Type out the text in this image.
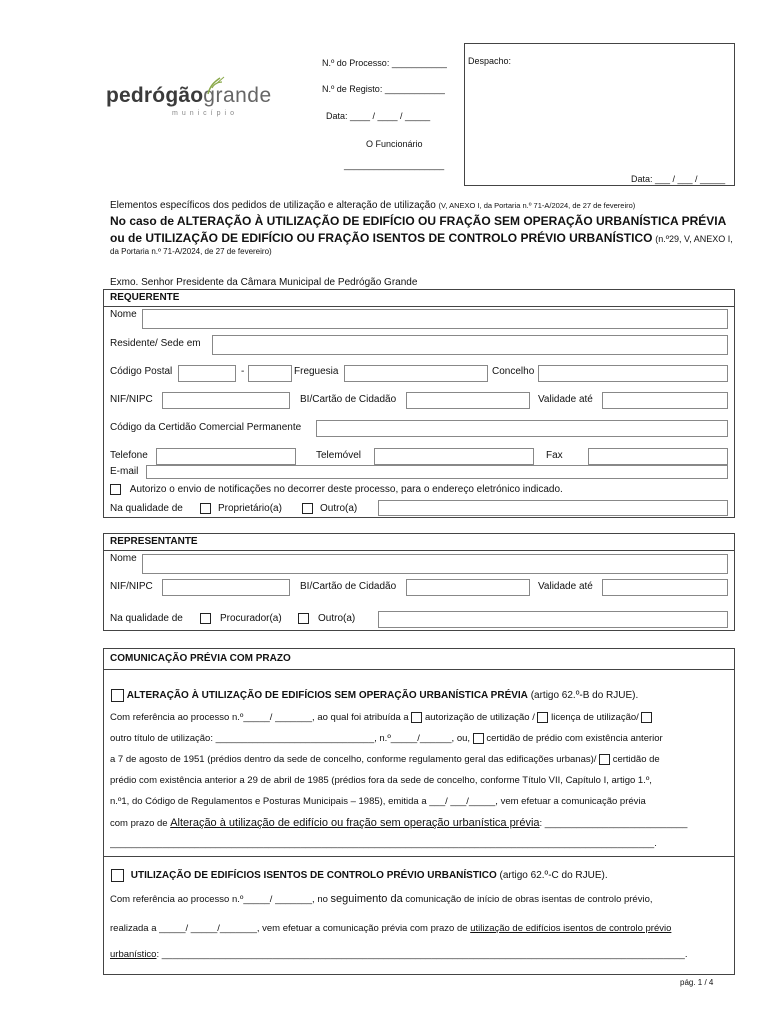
pedrógãogrande
município
N.º do Processo: ___________
N.º de Registo: ____________
Data: ____ / ____ / _____
O Funcionário
____________________
Despacho:
Data: ___ / ___ / _____
Elementos específicos dos pedidos de utilização e alteração de utilização (V, ANEXO I, da Portaria n.º 71-A/2024, de 27 de fevereiro)
No caso de ALTERAÇÃO À UTILIZAÇÃO DE EDIFÍCIO OU FRAÇÃO SEM OPERAÇÃO URBANÍSTICA PRÉVIA
ou de UTILIZAÇÃO DE EDIFÍCIO OU FRAÇÃO ISENTOS DE CONTROLO PRÉVIO URBANÍSTICO (n.º29, V, ANEXO I,
da Portaria n.º 71-A/2024, de 27 de fevereiro)
Exmo. Senhor Presidente da Câmara Municipal de Pedrógão Grande
REQUERENTE
Nome
Residente/ Sede em
Código Postal	-	Freguesia	Concelho
NIF/NIPC	BI/Cartão de Cidadão	Validade até
Código da Certidão Comercial Permanente
Telefone	Telemóvel	Fax
E-mail
Autorizo o envio de notificações no decorrer deste processo, para o endereço eletrónico indicado.
Na qualidade de	Proprietário(a)	Outro(a)
REPRESENTANTE
Nome
NIF/NIPC	BI/Cartão de Cidadão	Validade até
Na qualidade de	Procurador(a)	Outro(a)
COMUNICAÇÃO PRÉVIA COM PRAZO
ALTERAÇÃO À UTILIZAÇÃO DE EDIFÍCIOS SEM OPERAÇÃO URBANÍSTICA PRÉVIA (artigo 62.º-B do RJUE).
Com referência ao processo n.º_____/ _______, ao qual foi atribuída a autorização de utilização / licença de utilização/
outro título de utilização: ______________________________, n.º_____/______, ou, certidão de prédio com existência anterior
a 7 de agosto de 1951 (prédios dentro da sede de concelho, conforme regulamento geral das edificações urbanas)/ certidão de
prédio com existência anterior a 29 de abril de 1985 (prédios fora da sede de concelho, conforme Título VII, Capítulo I, artigo 1.º,
n.º1, do Código de Regulamentos e Posturas Municipais – 1985), emitida a ___/ ___/_____, vem efetuar a comunicação prévia
com prazo de Alteração à utilização de edifício ou fração sem operação urbanística prévia: ___________________________
_______________________________________________________________________________________________________.
UTILIZAÇÃO DE EDIFÍCIOS ISENTOS DE CONTROLO PRÉVIO URBANÍSTICO (artigo 62.º-C do RJUE).
Com referência ao processo n.º_____/ _______, no seguimento da comunicação de início de obras isentas de controlo prévio,
realizada a _____/ _____/_______, vem efetuar a comunicação prévia com prazo de utilização de edifícios isentos de controlo prévio
urbanístico: ___________________________________________________________________________________________________.
pág. 1 / 4
